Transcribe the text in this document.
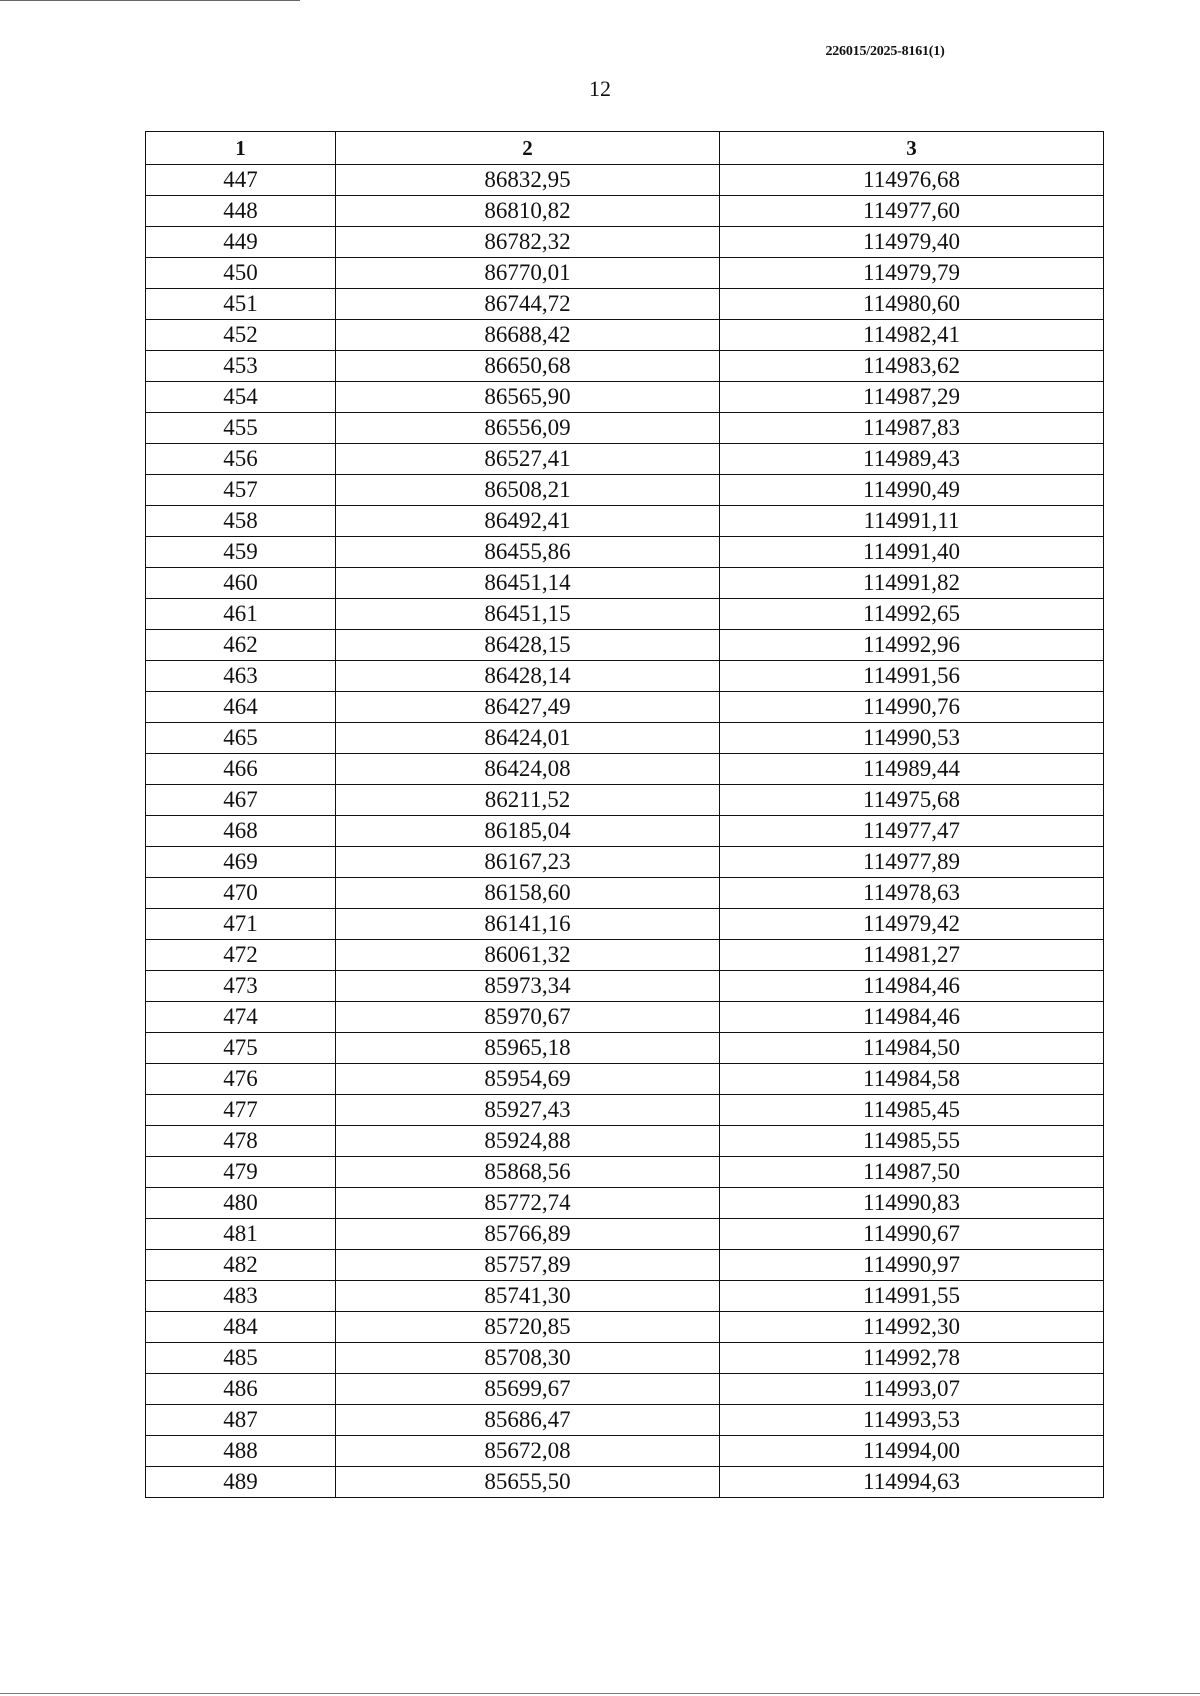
226015/2025-8161(1)
12
1	2	3
447	86832,95	114976,68
448	86810,82	114977,60
449	86782,32	114979,40
450	86770,01	114979,79
451	86744,72	114980,60
452	86688,42	114982,41
453	86650,68	114983,62
454	86565,90	114987,29
455	86556,09	114987,83
456	86527,41	114989,43
457	86508,21	114990,49
458	86492,41	114991,11
459	86455,86	114991,40
460	86451,14	114991,82
461	86451,15	114992,65
462	86428,15	114992,96
463	86428,14	114991,56
464	86427,49	114990,76
465	86424,01	114990,53
466	86424,08	114989,44
467	86211,52	114975,68
468	86185,04	114977,47
469	86167,23	114977,89
470	86158,60	114978,63
471	86141,16	114979,42
472	86061,32	114981,27
473	85973,34	114984,46
474	85970,67	114984,46
475	85965,18	114984,50
476	85954,69	114984,58
477	85927,43	114985,45
478	85924,88	114985,55
479	85868,56	114987,50
480	85772,74	114990,83
481	85766,89	114990,67
482	85757,89	114990,97
483	85741,30	114991,55
484	85720,85	114992,30
485	85708,30	114992,78
486	85699,67	114993,07
487	85686,47	114993,53
488	85672,08	114994,00
489	85655,50	114994,63
